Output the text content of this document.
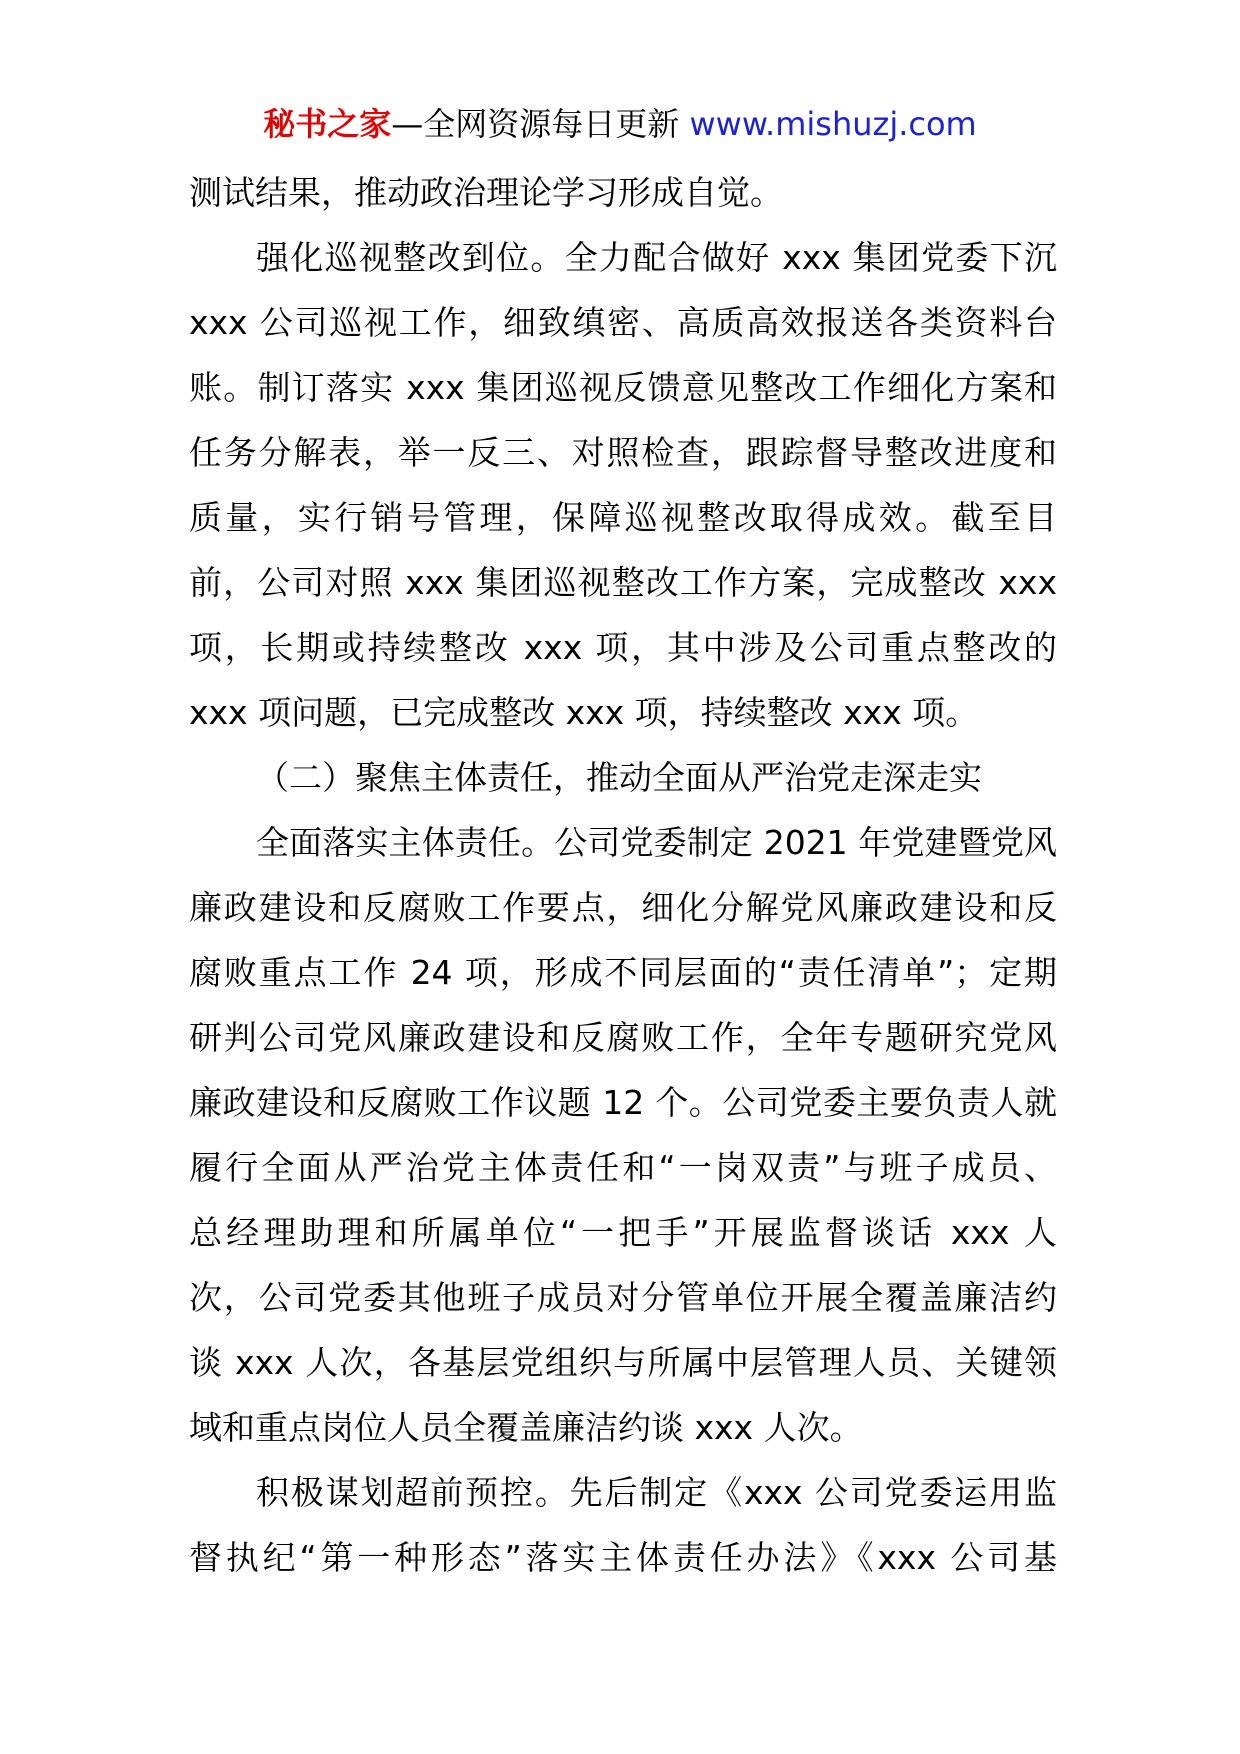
秘书之家—全网资源每日更新 www.mishuzj.com
测试结果，推动政治理论学习形成自觉。
强化巡视整改到位。全力配合做好 xxx 集团党委下沉
xxx 公司巡视工作，细致缜密、高质高效报送各类资料台
账。制订落实 xxx 集团巡视反馈意见整改工作细化方案和
任务分解表，举一反三、对照检查，跟踪督导整改进度和
质量，实行销号管理，保障巡视整改取得成效。截至目
前，公司对照 xxx 集团巡视整改工作方案，完成整改 xxx
项，长期或持续整改 xxx 项，其中涉及公司重点整改的
xxx 项问题，已完成整改 xxx 项，持续整改 xxx 项。
（二）聚焦主体责任，推动全面从严治党走深走实
全面落实主体责任。公司党委制定 2021 年党建暨党风
廉政建设和反腐败工作要点，细化分解党风廉政建设和反
腐败重点工作 24 项，形成不同层面的“责任清单”；定期
研判公司党风廉政建设和反腐败工作，全年专题研究党风
廉政建设和反腐败工作议题 12 个。公司党委主要负责人就
履行全面从严治党主体责任和“一岗双责”与班子成员、
总经理助理和所属单位“一把手”开展监督谈话 xxx 人
次，公司党委其他班子成员对分管单位开展全覆盖廉洁约
谈 xxx 人次，各基层党组织与所属中层管理人员、关键领
域和重点岗位人员全覆盖廉洁约谈 xxx 人次。
积极谋划超前预控。先后制定《xxx 公司党委运用监
督执纪“第一种形态”落实主体责任办法》《xxx 公司基
